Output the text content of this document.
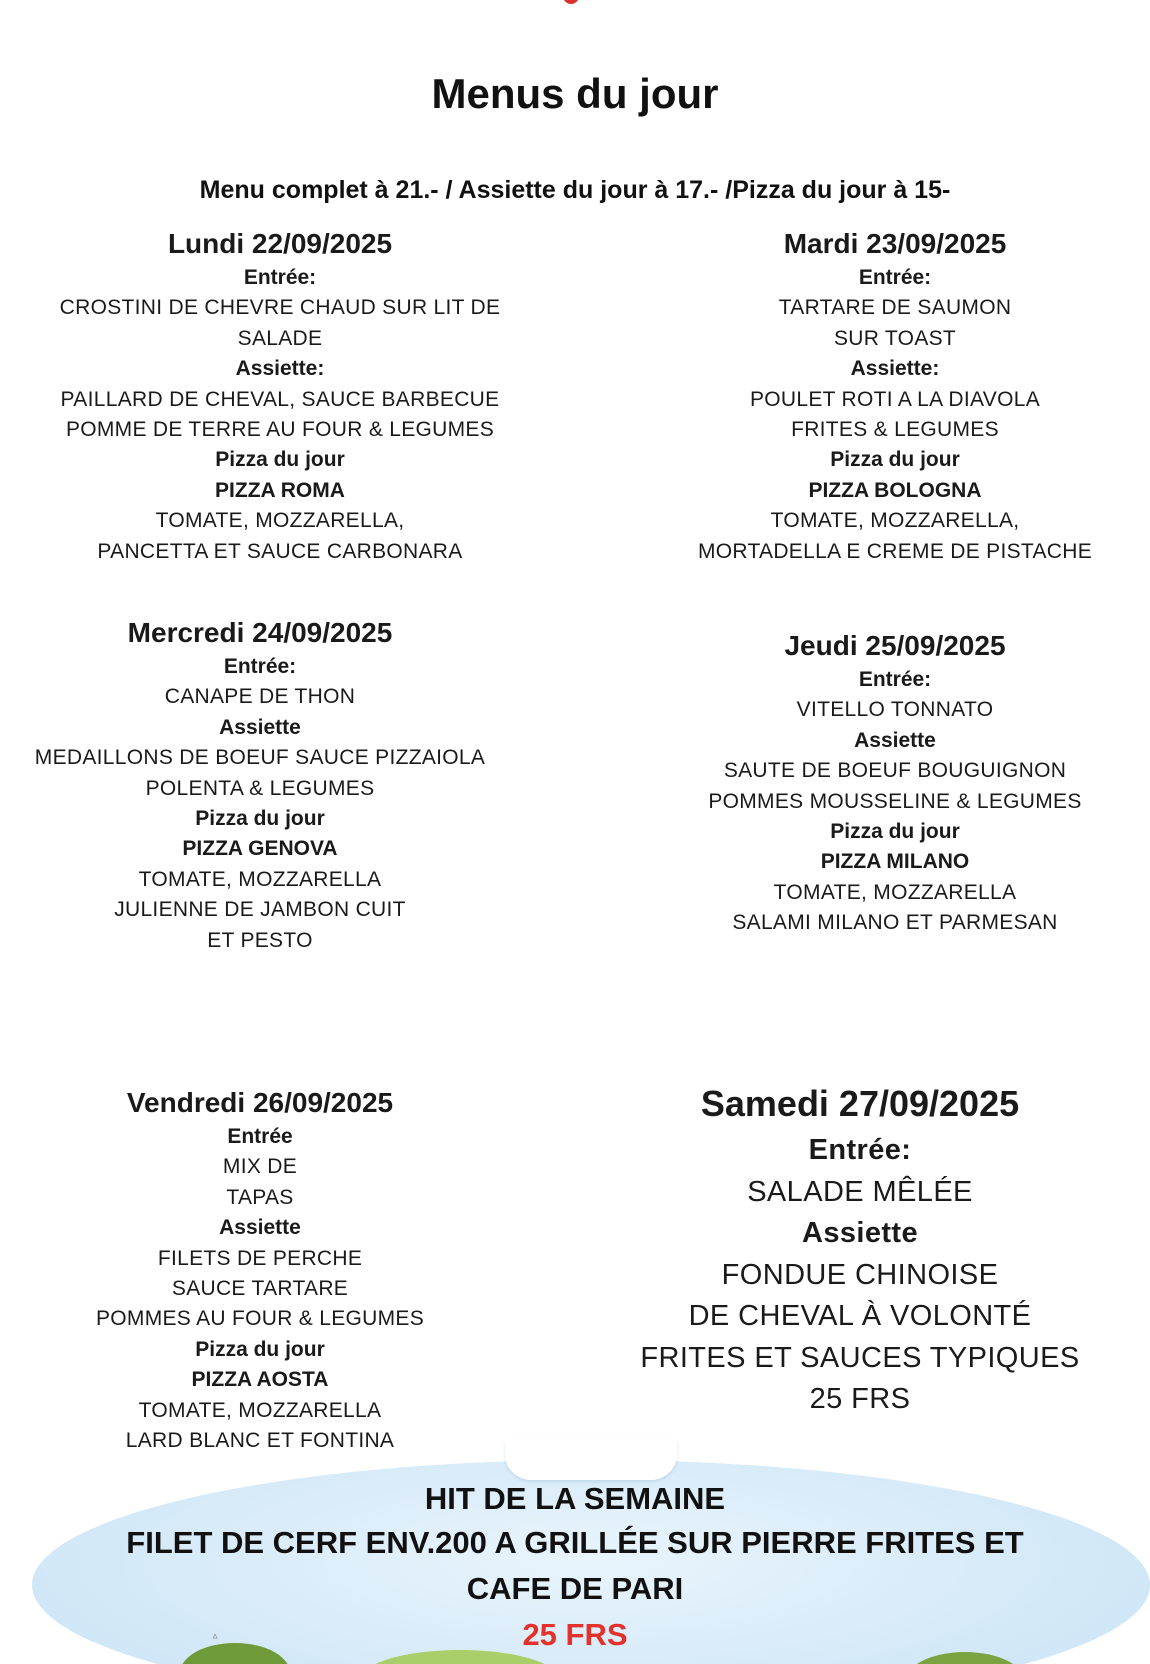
Menus du jour
Menu complet à 21.- / Assiette du jour à 17.- /Pizza du jour à 15-
Lundi 22/09/2025
Entrée:
CROSTINI DE CHEVRE CHAUD SUR LIT DE
SALADE
Assiette:
PAILLARD DE CHEVAL, SAUCE BARBECUE
POMME DE TERRE AU FOUR & LEGUMES
Pizza du jour
PIZZA ROMA
TOMATE, MOZZARELLA,
PANCETTA ET SAUCE CARBONARA
Mardi 23/09/2025
Entrée:
TARTARE DE SAUMON
SUR TOAST
Assiette:
POULET ROTI A LA DIAVOLA
FRITES & LEGUMES
Pizza du jour
PIZZA BOLOGNA
TOMATE, MOZZARELLA,
MORTADELLA E CREME DE PISTACHE
Mercredi 24/09/2025
Entrée:
CANAPE DE THON
Assiette
MEDAILLONS DE BOEUF SAUCE PIZZAIOLA
POLENTA & LEGUMES
Pizza du jour
PIZZA GENOVA
TOMATE, MOZZARELLA
JULIENNE DE JAMBON CUIT
ET PESTO
Jeudi 25/09/2025
Entrée:
VITELLO TONNATO
Assiette
SAUTE DE BOEUF BOUGUIGNON
POMMES MOUSSELINE & LEGUMES
Pizza du jour
PIZZA MILANO
TOMATE, MOZZARELLA
SALAMI MILANO ET PARMESAN
Vendredi 26/09/2025
Entrée
MIX DE
TAPAS
Assiette
FILETS DE PERCHE
SAUCE TARTARE
POMMES AU FOUR & LEGUMES
Pizza du jour
PIZZA AOSTA
TOMATE, MOZZARELLA
LARD BLANC ET FONTINA
Samedi 27/09/2025
Entrée:
SALADE MÊLÉE
Assiette
FONDUE CHINOISE
DE CHEVAL À VOLONTÉ
FRITES ET SAUCES TYPIQUES
25 FRS
ᐞ
HIT DE LA SEMAINE
FILET DE CERF ENV.200 A GRILLÉE SUR PIERRE FRITES ET CAFE DE PARI
25 FRS
